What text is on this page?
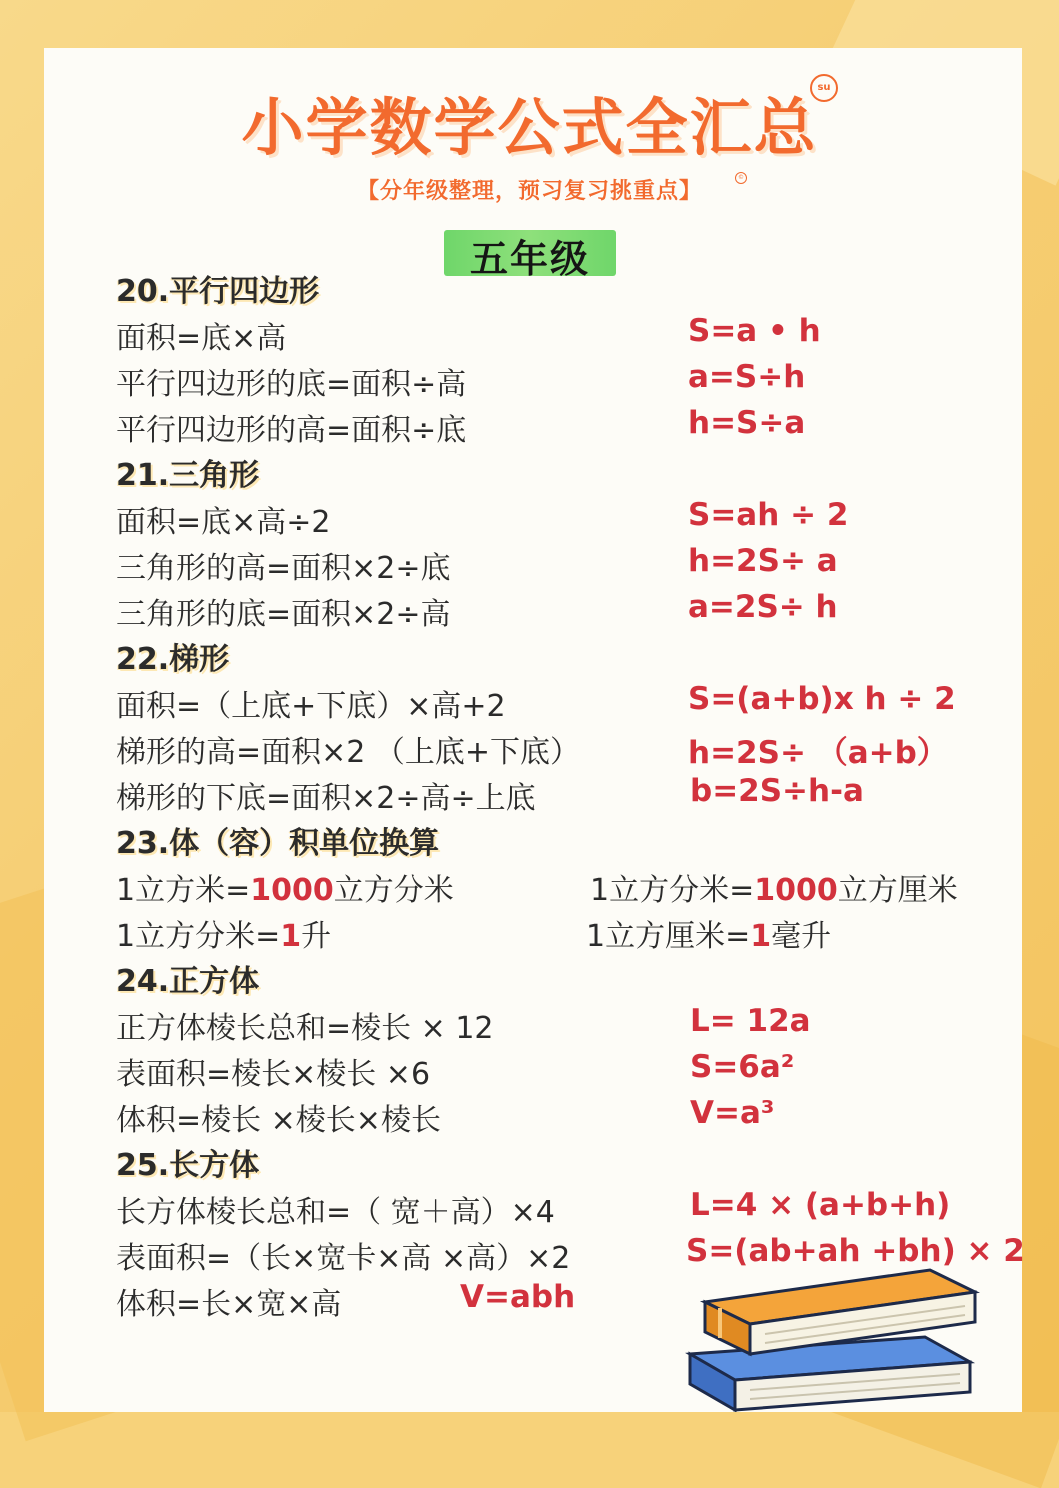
小学数学公式全汇总
su
【分年级整理，预习复习挑重点】
©
五年级
20.平行四边形
面积=底×高	S=a • h
平行四边形的底=面积÷高	a=S÷h
平行四边形的高=面积÷底	h=S÷a
21.三角形
面积=底×高÷2	S=ah ÷ 2
三角形的高=面积×2÷底	h=2S÷ a
三角形的底=面积×2÷高	a=2S÷ h
22.梯形
面积=（上底+下底）×高+2	S=(a+b)x h ÷ 2
梯形的高=面积×2 （上底+下底）	h=2S÷ （a+b）
梯形的下底=面积×2÷高÷上底	b=2S÷h-a
23.体（容）积单位换算
1立方米=1000立方分米	1立方分米=1000立方厘米
1立方分米=1升	1立方厘米=1毫升
24.正方体
正方体棱长总和=棱长 × 12	L= 12a
表面积=棱长×棱长 ×6	S=6a²
体积=棱长 ×棱长×棱长	V=a³
25.长方体
长方体棱长总和=（ 宽＋高）×4	L=4 × (a+b+h)
表面积=（长×宽卡×高 ×高）×2	S=(ab+ah +bh) × 2
体积=长×宽×高	V=abh
